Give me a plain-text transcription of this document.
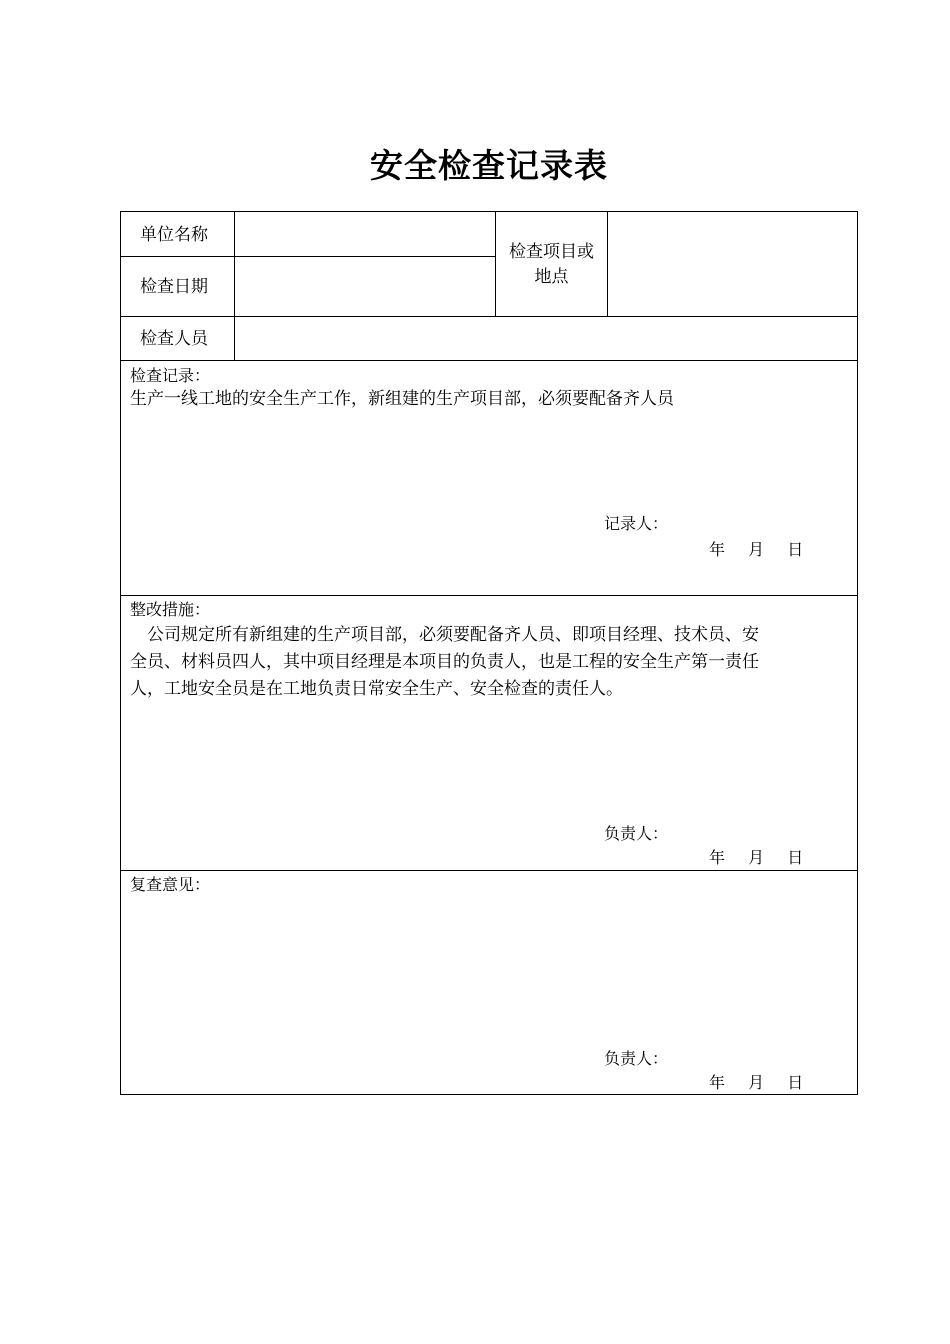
安全检查记录表
单位名称
检查日期
检查项目或
地点
检查人员
检查记录：
生产一线工地的安全生产工作，新组建的生产项目部，必须要配备齐人员
记录人：
年 月 日
整改措施：
公司规定所有新组建的生产项目部，必须要配备齐人员、即项目经理、技术员、安
全员、材料员四人，其中项目经理是本项目的负责人，也是工程的安全生产第一责任
人，工地安全员是在工地负责日常安全生产、安全检查的责任人。
负责人：
年 月 日
复查意见：
负责人：
年 月 日
